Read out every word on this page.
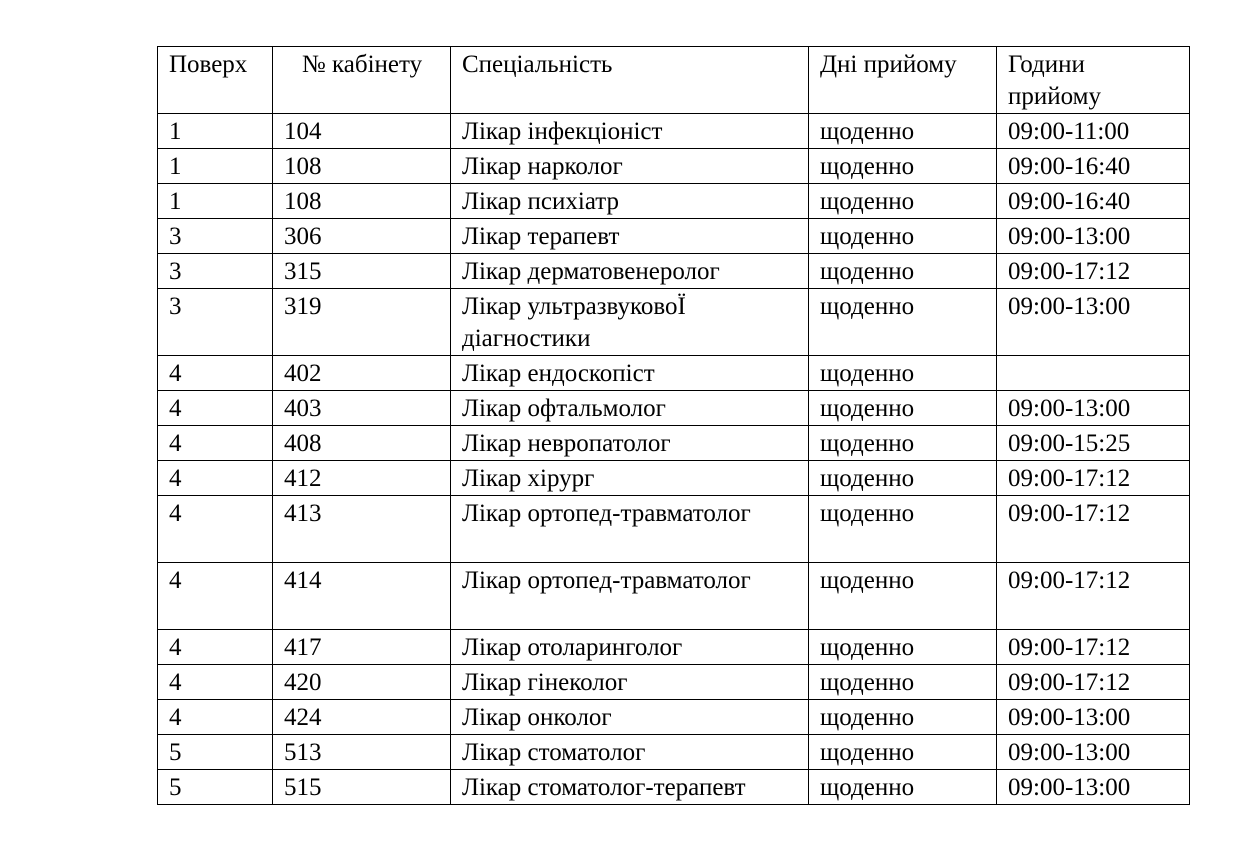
Поверх	№ кабінету	Спеціальність	Дні прийому	Години прийому
1	104	Лікар інфекціоніст	щоденно	09:00-11:00
1	108	Лікар нарколог	щоденно	09:00-16:40
1	108	Лікар психіатр	щоденно	09:00-16:40
3	306	Лікар терапевт	щоденно	09:00-13:00
3	315	Лікар дерматовенеролог	щоденно	09:00-17:12
3	319	Лікар ультразвуковоЇ діагностики	щоденно	09:00-13:00
4	402	Лікар ендоскопіст	щоденно	
4	403	Лікар офтальмолог	щоденно	09:00-13:00
4	408	Лікар невропатолог	щоденно	09:00-15:25
4	412	Лікар хірург	щоденно	09:00-17:12
4	413	Лікар ортопед-травматолог	щоденно	09:00-17:12
4	414	Лікар ортопед-травматолог	щоденно	09:00-17:12
4	417	Лікар отоларинголог	щоденно	09:00-17:12
4	420	Лікар гінеколог	щоденно	09:00-17:12
4	424	Лікар онколог	щоденно	09:00-13:00
5	513	Лікар стоматолог	щоденно	09:00-13:00
5	515	Лікар стоматолог-терапевт	щоденно	09:00-13:00
